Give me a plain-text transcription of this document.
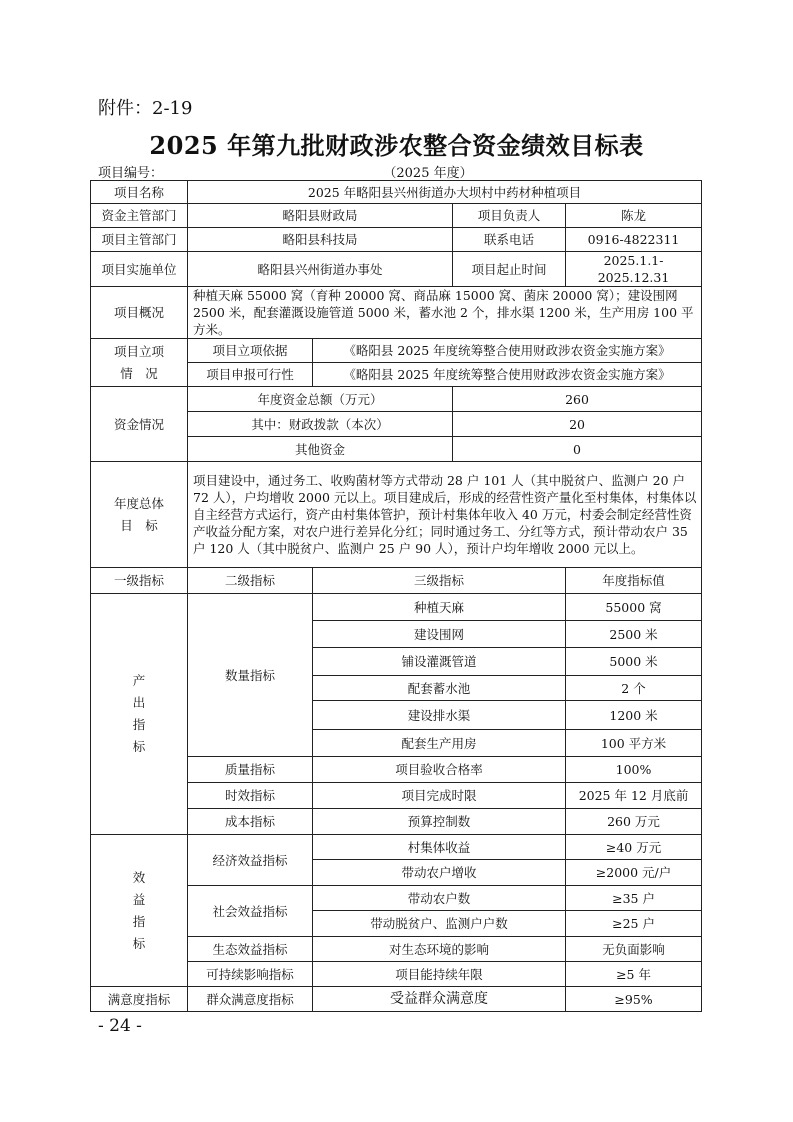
附件：2-19
2025 年第九批财政涉农整合资金绩效目标表
项目编号：	（2025 年度）
项目名称	2025 年略阳县兴州街道办大坝村中药材种植项目			
资金主管部门	略阳县财政局		项目负责人	陈龙
项目主管部门	略阳县科技局		联系电话	0916-4822311
项目实施单位	略阳县兴州街道办事处		项目起止时间	2025.1.1-2025.12.31
项目概况	种植天麻 55000 窝（育种 20000 窝、商品麻 15000 窝、菌床 20000 窝）；建设围网 2500 米，配套灌溉设施管道 5000 米，蓄水池 2 个，排水渠 1200 米，生产用房 100 平方米。			

项目立项
情　况	项目立项依据	《略阳县 2025 年度统筹整合使用财政涉农资金实施方案》		
	项目申报可行性	《略阳县 2025 年度统筹整合使用财政涉农资金实施方案》		
资金情况	年度资金总额（万元）		260	
	其中：财政拨款（本次）		20	
	其他资金		0	

年度总体
目　标	项目建设中，通过务工、收购菌材等方式带动 28 户 101 人（其中脱贫户、监测户 20 户 72 人），户均增收 2000 元以上。项目建成后，形成的经营性资产量化至村集体，村集体以自主经营方式运行，资产由村集体管护，预计村集体年收入 40 万元，村委会制定经营性资产收益分配方案，对农户进行差异化分红；同时通过务工、分红等方式，预计带动农户 35 户 120 人（其中脱贫户、监测户 25 户 90 人），预计户均年增收 2000 元以上。			
一级指标	二级指标	三级指标		年度指标值

产
出
指
标	数量指标	种植天麻		55000 窝
		建设围网		2500 米
		铺设灌溉管道		5000 米
		配套蓄水池		2 个
		建设排水渠		1200 米
		配套生产用房		100 平方米
	质量指标	项目验收合格率		100%
	时效指标	项目完成时限		2025 年 12 月底前
	成本指标	预算控制数		260 万元

效
益
指
标	经济效益指标	村集体收益		≥40 万元
		带动农户增收		≥2000 元/户
	社会效益指标	带动农户数		≥35 户
		带动脱贫户、监测户户数		≥25 户
	生态效益指标	对生态环境的影响		无负面影响
	可持续影响指标	项目能持续年限		≥5 年
满意度指标	群众满意度指标	受益群众满意度		≥95%
- 24 -
